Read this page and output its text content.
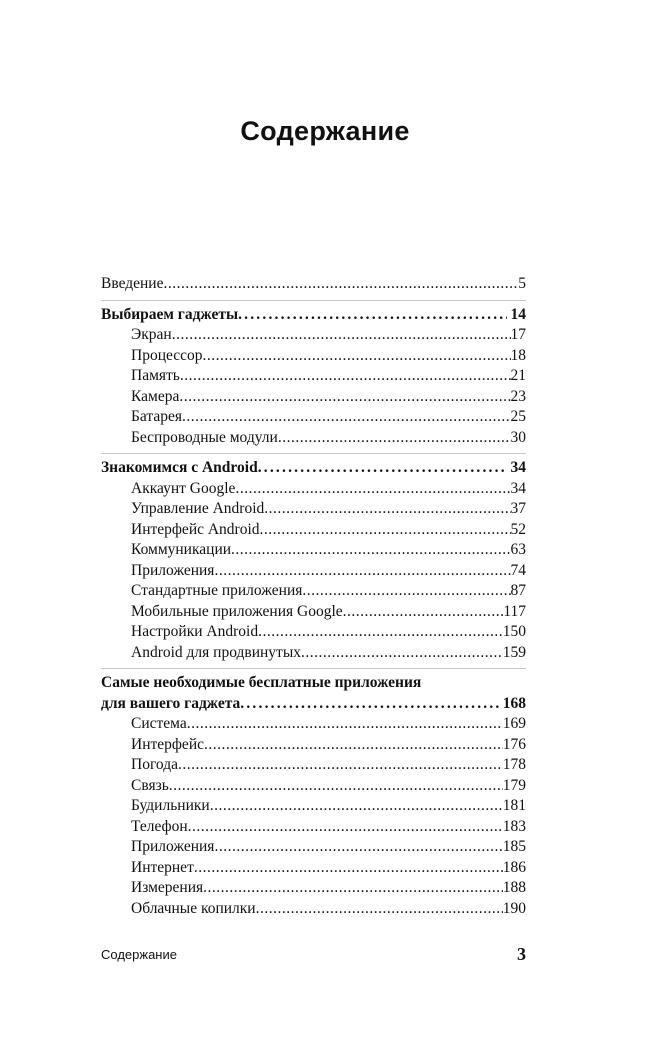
Содержание
Введение .....	5
Выбираем гаджеты .....	14
Экран .....	17
Процессор .....	18
Память .....	21
Камера .....	23
Батарея .....	25
Беспроводные модули .....	30
Знакомимся с Android .....	34
Аккаунт Google .....	34
Управление Android .....	37
Интерфейс Android .....	52
Коммуникации .....	63
Приложения .....	74
Стандартные приложения .....	87
Мобильные приложения Google .....	117
Настройки Android .....	150
Android для продвинутых .....	159
Самые необходимые бесплатные приложения
для вашего гаджета .....	168
Система .....	169
Интерфейс .....	176
Погода .....	178
Связь .....	179
Будильники .....	181
Телефон .....	183
Приложения .....	185
Интернет .....	186
Измерения .....	188
Облачные копилки .....	190
Содержание	3
